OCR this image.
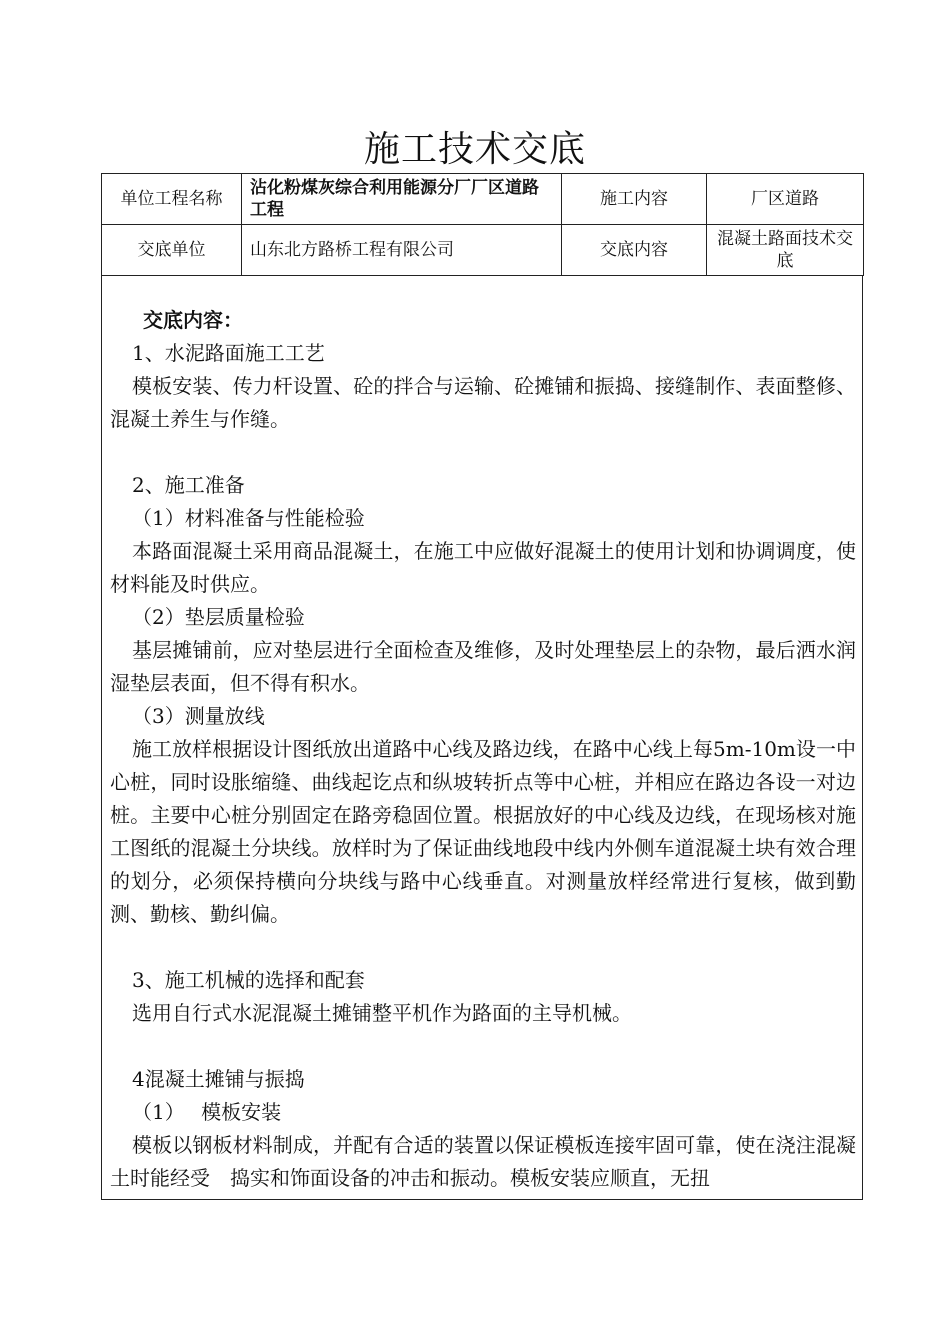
施工技术交底
单位工程名称	沾化粉煤灰综合利用能源分厂厂区道路工程	施工内容	厂区道路
交底单位	山东北方路桥工程有限公司	交底内容	混凝土路面技术交底

交底内容：

1、水泥路面施工工艺

模板安装、传力杆设置、砼的拌合与运输、砼摊铺和振捣、接缝制作、表面整修、混凝土养生与作缝。

2、施工准备

（1）材料准备与性能检验

本路面混凝土采用商品混凝土，在施工中应做好混凝土的使用计划和协调调度，使材料能及时供应。

（2）垫层质量检验

基层摊铺前，应对垫层进行全面检查及维修，及时处理垫层上的杂物，最后洒水润湿垫层表面，但不得有积水。

（3）测量放线

施工放样根据设计图纸放出道路中心线及路边线，在路中心线上每5m-10m设一中心桩，同时设胀缩缝、曲线起讫点和纵坡转折点等中心桩，并相应在路边各设一对边桩。主要中心桩分别固定在路旁稳固位置。根据放好的中心线及边线，在现场核对施工图纸的混凝土分块线。放样时为了保证曲线地段中线内外侧车道混凝土块有效合理的划分，必须保持横向分块线与路中心线垂直。对测量放样经常进行复核，做到勤测、勤核、勤纠偏。

3、施工机械的选择和配套

选用自行式水泥混凝土摊铺整平机作为路面的主导机械。

4混凝土摊铺与振捣

（1）　 模板安装

模板以钢板材料制成，并配有合适的装置以保证模板连接牢固可靠，使在浇注混凝土时能经受　捣实和饰面设备的冲击和振动。模板安装应顺直，无扭
